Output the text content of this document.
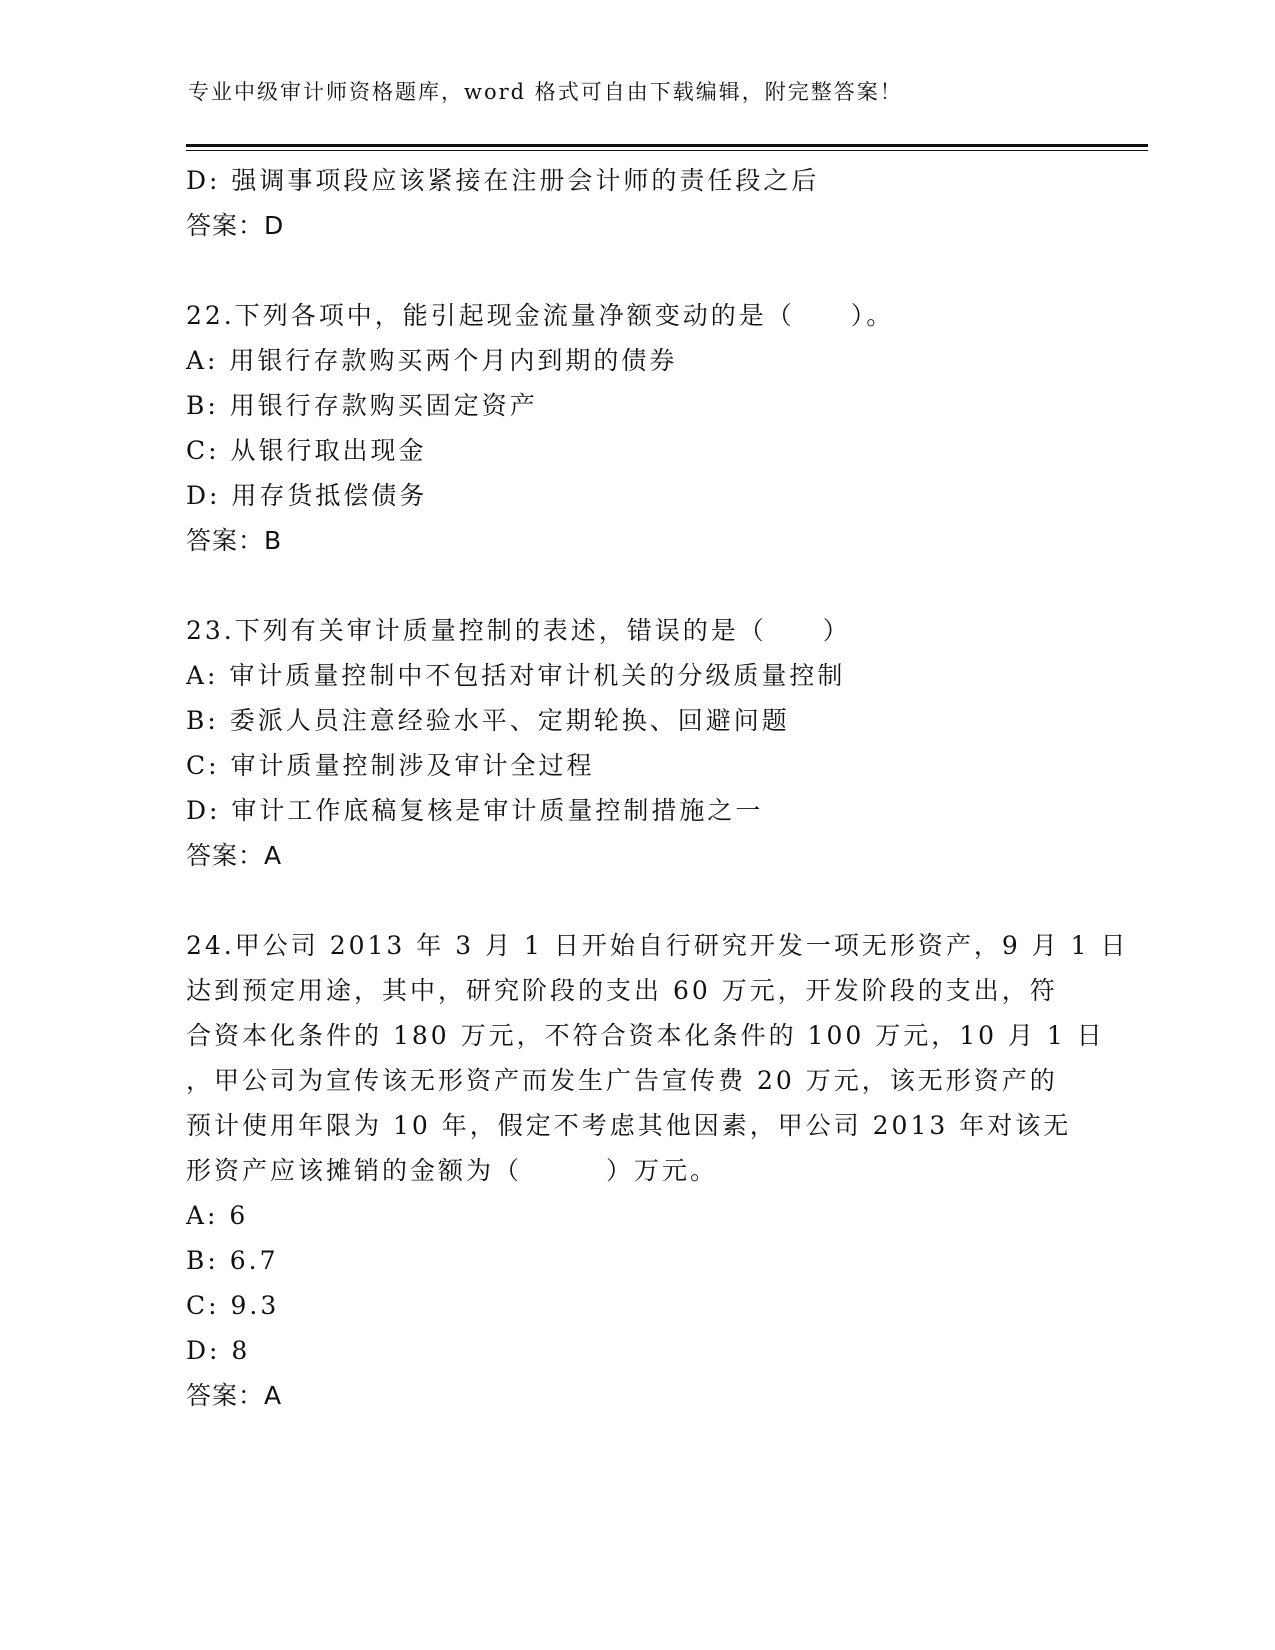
专业中级审计师资格题库，word 格式可自由下载编辑，附完整答案！
D: 强调事项段应该紧接在注册会计师的责任段之后
答案：D
22.下列各项中，能引起现金流量净额变动的是（　　）。
A: 用银行存款购买两个月内到期的债券
B: 用银行存款购买固定资产
C: 从银行取出现金
D: 用存货抵偿债务
答案：B
23.下列有关审计质量控制的表述，错误的是（　　）
A: 审计质量控制中不包括对审计机关的分级质量控制
B: 委派人员注意经验水平、定期轮换、回避问题
C: 审计质量控制涉及审计全过程
D: 审计工作底稿复核是审计质量控制措施之一
答案：A
24.甲公司 2013 年 3 月 1 日开始自行研究开发一项无形资产，9 月 1 日
达到预定用途，其中，研究阶段的支出 60 万元，开发阶段的支出，符
合资本化条件的 180 万元，不符合资本化条件的 100 万元，10 月 1 日
，甲公司为宣传该无形资产而发生广告宣传费 20 万元，该无形资产的
预计使用年限为 10 年，假定不考虑其他因素，甲公司 2013 年对该无
形资产应该摊销的金额为（　　　）万元。
A: 6
B: 6.7
C: 9.3
D: 8
答案：A
